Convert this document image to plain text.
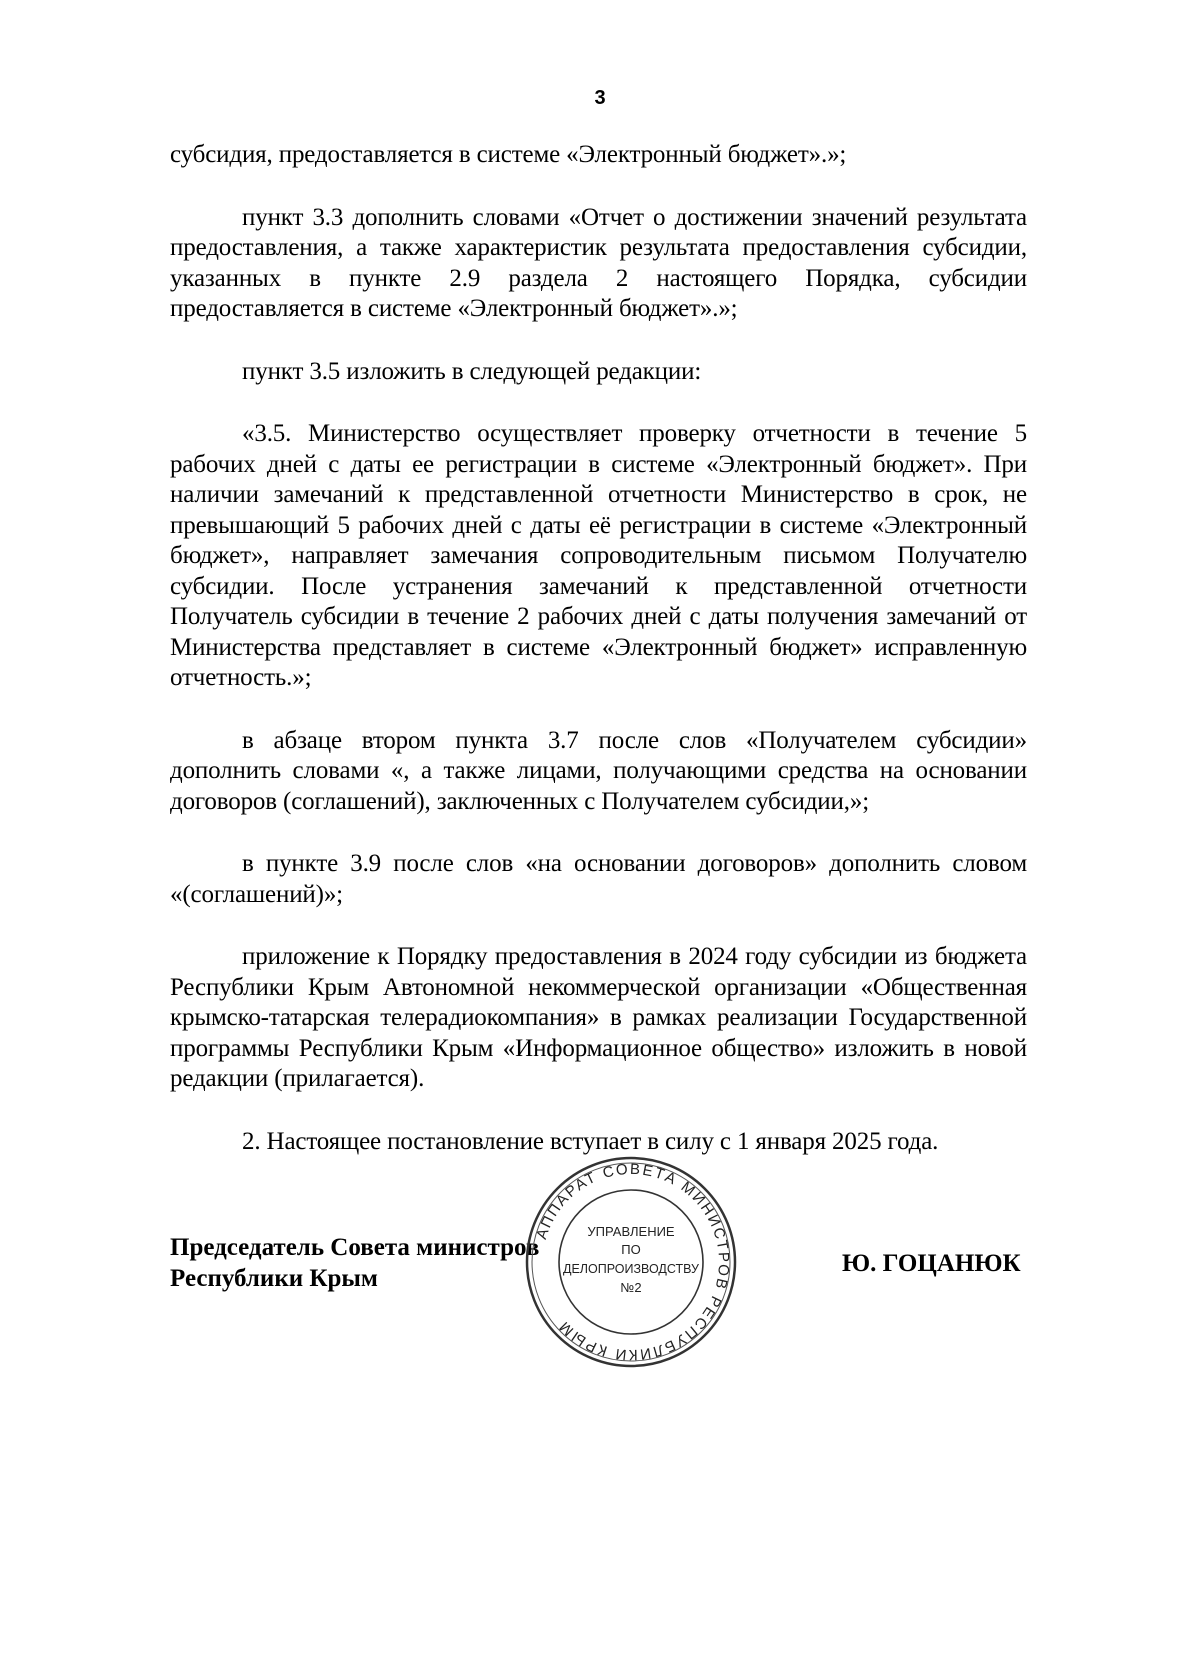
3

субсидия, предоставляется в системе «Электронный бюджет».»;

пункт 3.3 дополнить словами «Отчет о достижении значений результата предоставления, а также характеристик результата предоставления субсидии, указанных в пункте 2.9 раздела 2 настоящего Порядка, субсидии предоставляется в системе «Электронный бюджет».»;

пункт 3.5 изложить в следующей редакции:

«3.5. Министерство осуществляет проверку отчетности в течение 5 рабочих дней с даты ее регистрации в системе «Электронный бюджет». При наличии замечаний к представленной отчетности Министерство в срок, не превышающий 5 рабочих дней с даты её регистрации в системе «Электронный бюджет», направляет замечания сопроводительным письмом Получателю субсидии. После устранения замечаний к представленной отчетности Получатель субсидии в течение 2 рабочих дней с даты получения замечаний от Министерства представляет в системе «Электронный бюджет» исправленную отчетность.»;

в абзаце втором пункта 3.7 после слов «Получателем субсидии» дополнить словами «, а также лицами, получающими средства на основании договоров (соглашений), заключенных с Получателем субсидии,»;

в пункте 3.9 после слов «на основании договоров» дополнить словом «(соглашений)»;

приложение к Порядку предоставления в 2024 году субсидии из бюджета Республики Крым Автономной некоммерческой организации «Общественная крымско-татарская телерадиокомпания» в рамках реализации Государственной программы Республики Крым «Информационное общество» изложить в новой редакции (прилагается).

2. Настоящее постановление вступает в силу с 1 января 2025 года.

Председатель Совета министров
Республики Крым
Ю. ГОЦАНЮК
АППАРАТ СОВЕТА МИНИСТРОВ РЕСПУБЛИКИ КРЫМ
УПРАВЛЕНИЕ
ПО
ДЕЛОПРОИЗВОДСТВУ
№2
